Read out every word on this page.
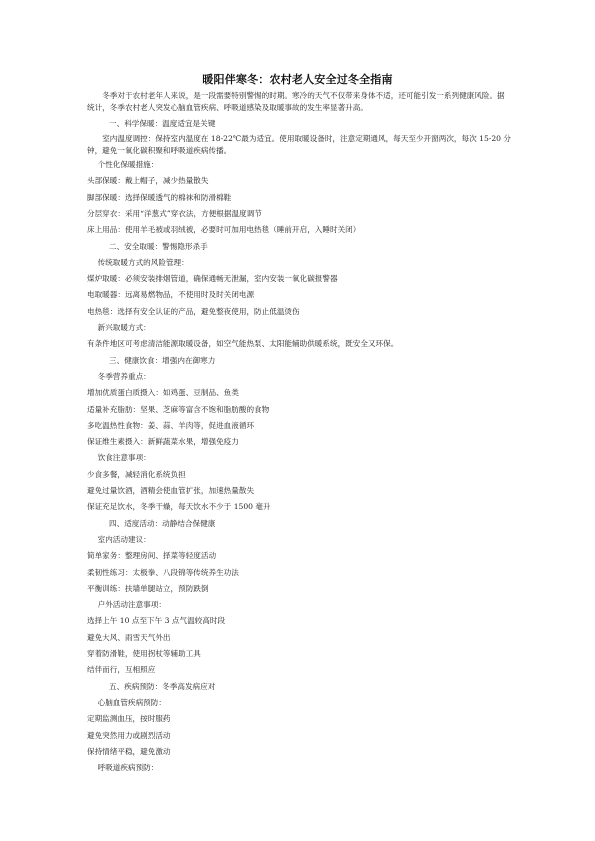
暖阳伴寒冬：农村老人安全过冬全指南

冬季对于农村老年人来说，是一段需要特别警惕的时期。寒冷的天气不仅带来身体不适，还可能引发一系列健康风险。据统计，冬季农村老人突发心脑血管疾病、呼吸道感染及取暖事故的发生率显著升高。

一、科学保暖：温度适宜是关键

室内温度调控：保持室内温度在 18-22℃最为适宜。使用取暖设备时，注意定期通风，每天至少开窗两次，每次 15-20 分钟，避免一氧化碳积聚和呼吸道疾病传播。

个性化保暖措施：

头部保暖：戴上帽子，减少热量散失

脚部保暖：选择保暖透气的棉袜和防滑棉鞋

分层穿衣：采用“洋葱式”穿衣法，方便根据温度调节

床上用品：使用羊毛被或羽绒被，必要时可加用电热毯（睡前开启，入睡时关闭）

二、安全取暖：警惕隐形杀手

传统取暖方式的风险管理：

煤炉取暖：必须安装排烟管道，确保通畅无泄漏，室内安装一氧化碳报警器

电取暖器：远离易燃物品，不使用时及时关闭电源

电热毯：选择有安全认证的产品，避免整夜使用，防止低温烫伤

新兴取暖方式：

有条件地区可考虑清洁能源取暖设备，如空气能热泵、太阳能辅助供暖系统，既安全又环保。

三、健康饮食：增强内在御寒力

冬季营养重点：

增加优质蛋白质摄入：如鸡蛋、豆制品、鱼类

适量补充脂肪：坚果、芝麻等富含不饱和脂肪酸的食物

多吃温热性食物：姜、蒜、羊肉等，促进血液循环

保证维生素摄入：新鲜蔬菜水果，增强免疫力

饮食注意事项：

少食多餐，减轻消化系统负担

避免过量饮酒，酒精会使血管扩张，加速热量散失

保证充足饮水，冬季干燥，每天饮水不少于 1500 毫升

四、适度活动：动静结合保健康

室内活动建议：

简单家务：整理房间、择菜等轻度活动

柔韧性练习：太极拳、八段锦等传统养生功法

平衡训练：扶墙单腿站立，预防跌倒

户外活动注意事项：

选择上午 10 点至下午 3 点气温较高时段

避免大风、雨雪天气外出

穿着防滑鞋，使用拐杖等辅助工具

结伴而行，互相照应

五、疾病预防：冬季高发病应对

心脑血管疾病预防：

定期监测血压，按时服药

避免突然用力或剧烈活动

保持情绪平稳，避免激动

呼吸道疾病预防：
